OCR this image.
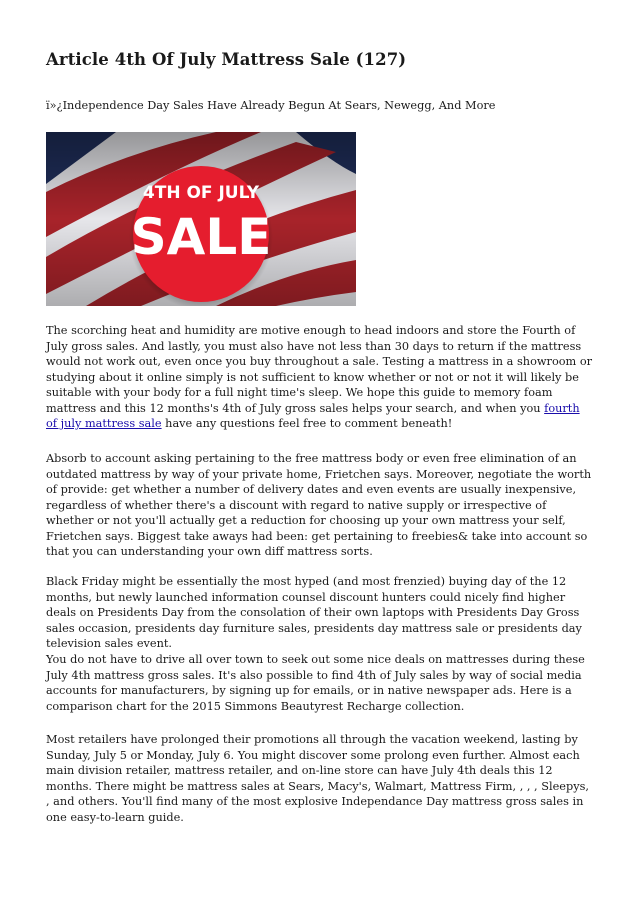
Article 4th Of July Mattress Sale (127)

ï»¿Independence Day Sales Have Already Begun At Sears, Newegg, And More

4TH OF JULY
SALE

The scorching heat and humidity are motive enough to head indoors and store the Fourth of July gross sales. And lastly, you must also have not less than 30 days to return if the mattress would not work out, even once you buy throughout a sale. Testing a mattress in a showroom or studying about it online simply is not sufficient to know whether or not or not it will likely be suitable with your body for a full night time's sleep. We hope this guide to memory foam mattress and this 12 months's 4th of July gross sales helps your search, and when you fourth of july mattress sale have any questions feel free to comment beneath!

Absorb to account asking pertaining to the free mattress body or even free elimination of an outdated mattress by way of your private home, Frietchen says. Moreover, negotiate the worth of provide: get whether a number of delivery dates and even events are usually inexpensive, regardless of whether there's a discount with regard to native supply or irrespective of whether or not you'll actually get a reduction for choosing up your own mattress your self, Frietchen says. Biggest take aways had been: get pertaining to freebies& take into account so that you can understanding your own diff mattress sorts.

Black Friday might be essentially the most hyped (and most frenzied) buying day of the 12 months, but newly launched information counsel discount hunters could nicely find higher deals on Presidents Day from the consolation of their own laptops with Presidents Day Gross sales occasion, presidents day furniture sales, presidents day mattress sale or presidents day television sales event.

You do not have to drive all over town to seek out some nice deals on mattresses during these July 4th mattress gross sales. It's also possible to find 4th of July sales by way of social media accounts for manufacturers, by signing up for emails, or in native newspaper ads. Here is a comparison chart for the 2015 Simmons Beautyrest Recharge collection.

Most retailers have prolonged their promotions all through the vacation weekend, lasting by Sunday, July 5 or Monday, July 6. You might discover some prolong even further. Almost each main division retailer, mattress retailer, and on-line store can have July 4th deals this 12 months. There might be mattress sales at Sears, Macy's, Walmart, Mattress Firm, , , , Sleepys, , and others. You'll find many of the most explosive Independance Day mattress gross sales in one easy-to-learn guide.
